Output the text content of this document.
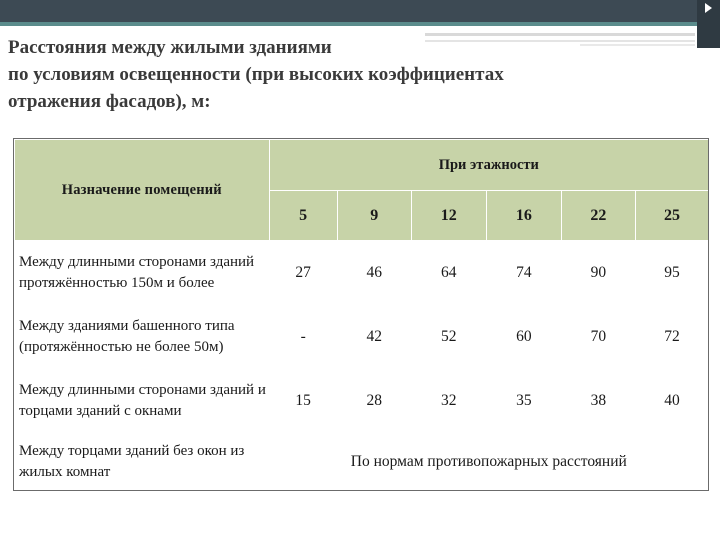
Расстояния между жилыми зданиями
по условиям освещенности (при высоких коэффициентах
отражения фасадов), м:
Назначение помещений	При этажности					
	5	9	12	16	22	25
Между длинными сторонами зданий протяжённостью 150м и более	27	46	64	74	90	95
Между зданиями башенного типа (протяжённостью не более 50м)	-	42	52	60	70	72
Между длинными сторонами зданий и торцами зданий с окнами	15	28	32	35	38	40
Между торцами зданий без окон из жилых комнат	По нормам противопожарных расстояний					
